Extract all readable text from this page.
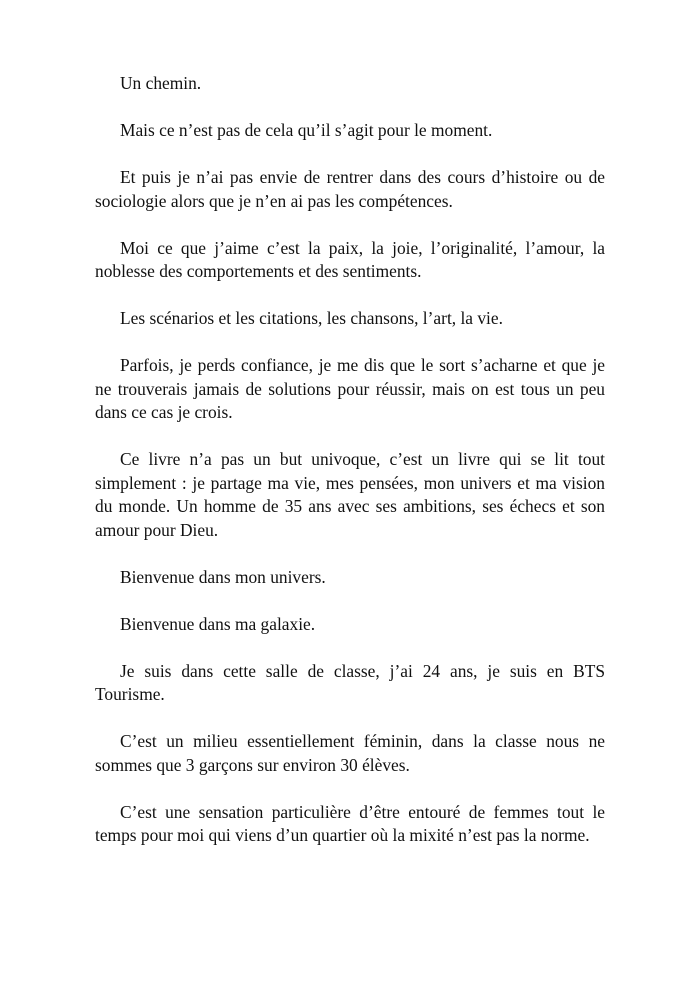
Un chemin.

Mais ce n’est pas de cela qu’il s’agit pour le moment.

Et puis je n’ai pas envie de rentrer dans des cours d’histoire ou de sociologie alors que je n’en ai pas les compétences.

Moi ce que j’aime c’est la paix, la joie, l’originalité, l’amour, la noblesse des comportements et des sentiments.

Les scénarios et les citations, les chansons, l’art, la vie.

Parfois, je perds confiance, je me dis que le sort s’acharne et que je ne trouverais jamais de solutions pour réussir, mais on est tous un peu dans ce cas je crois.

Ce livre n’a pas un but univoque, c’est un livre qui se lit tout simplement : je partage ma vie, mes pensées, mon univers et ma vision du monde. Un homme de 35 ans avec ses ambitions, ses échecs et son amour pour Dieu.

Bienvenue dans mon univers.

Bienvenue dans ma galaxie.

Je suis dans cette salle de classe, j’ai 24 ans, je suis en BTS Tourisme.

C’est un milieu essentiellement féminin, dans la classe nous ne sommes que 3 garçons sur environ 30 élèves.

C’est une sensation particulière d’être entouré de femmes tout le temps pour moi qui viens d’un quartier où la mixité n’est pas la norme.
